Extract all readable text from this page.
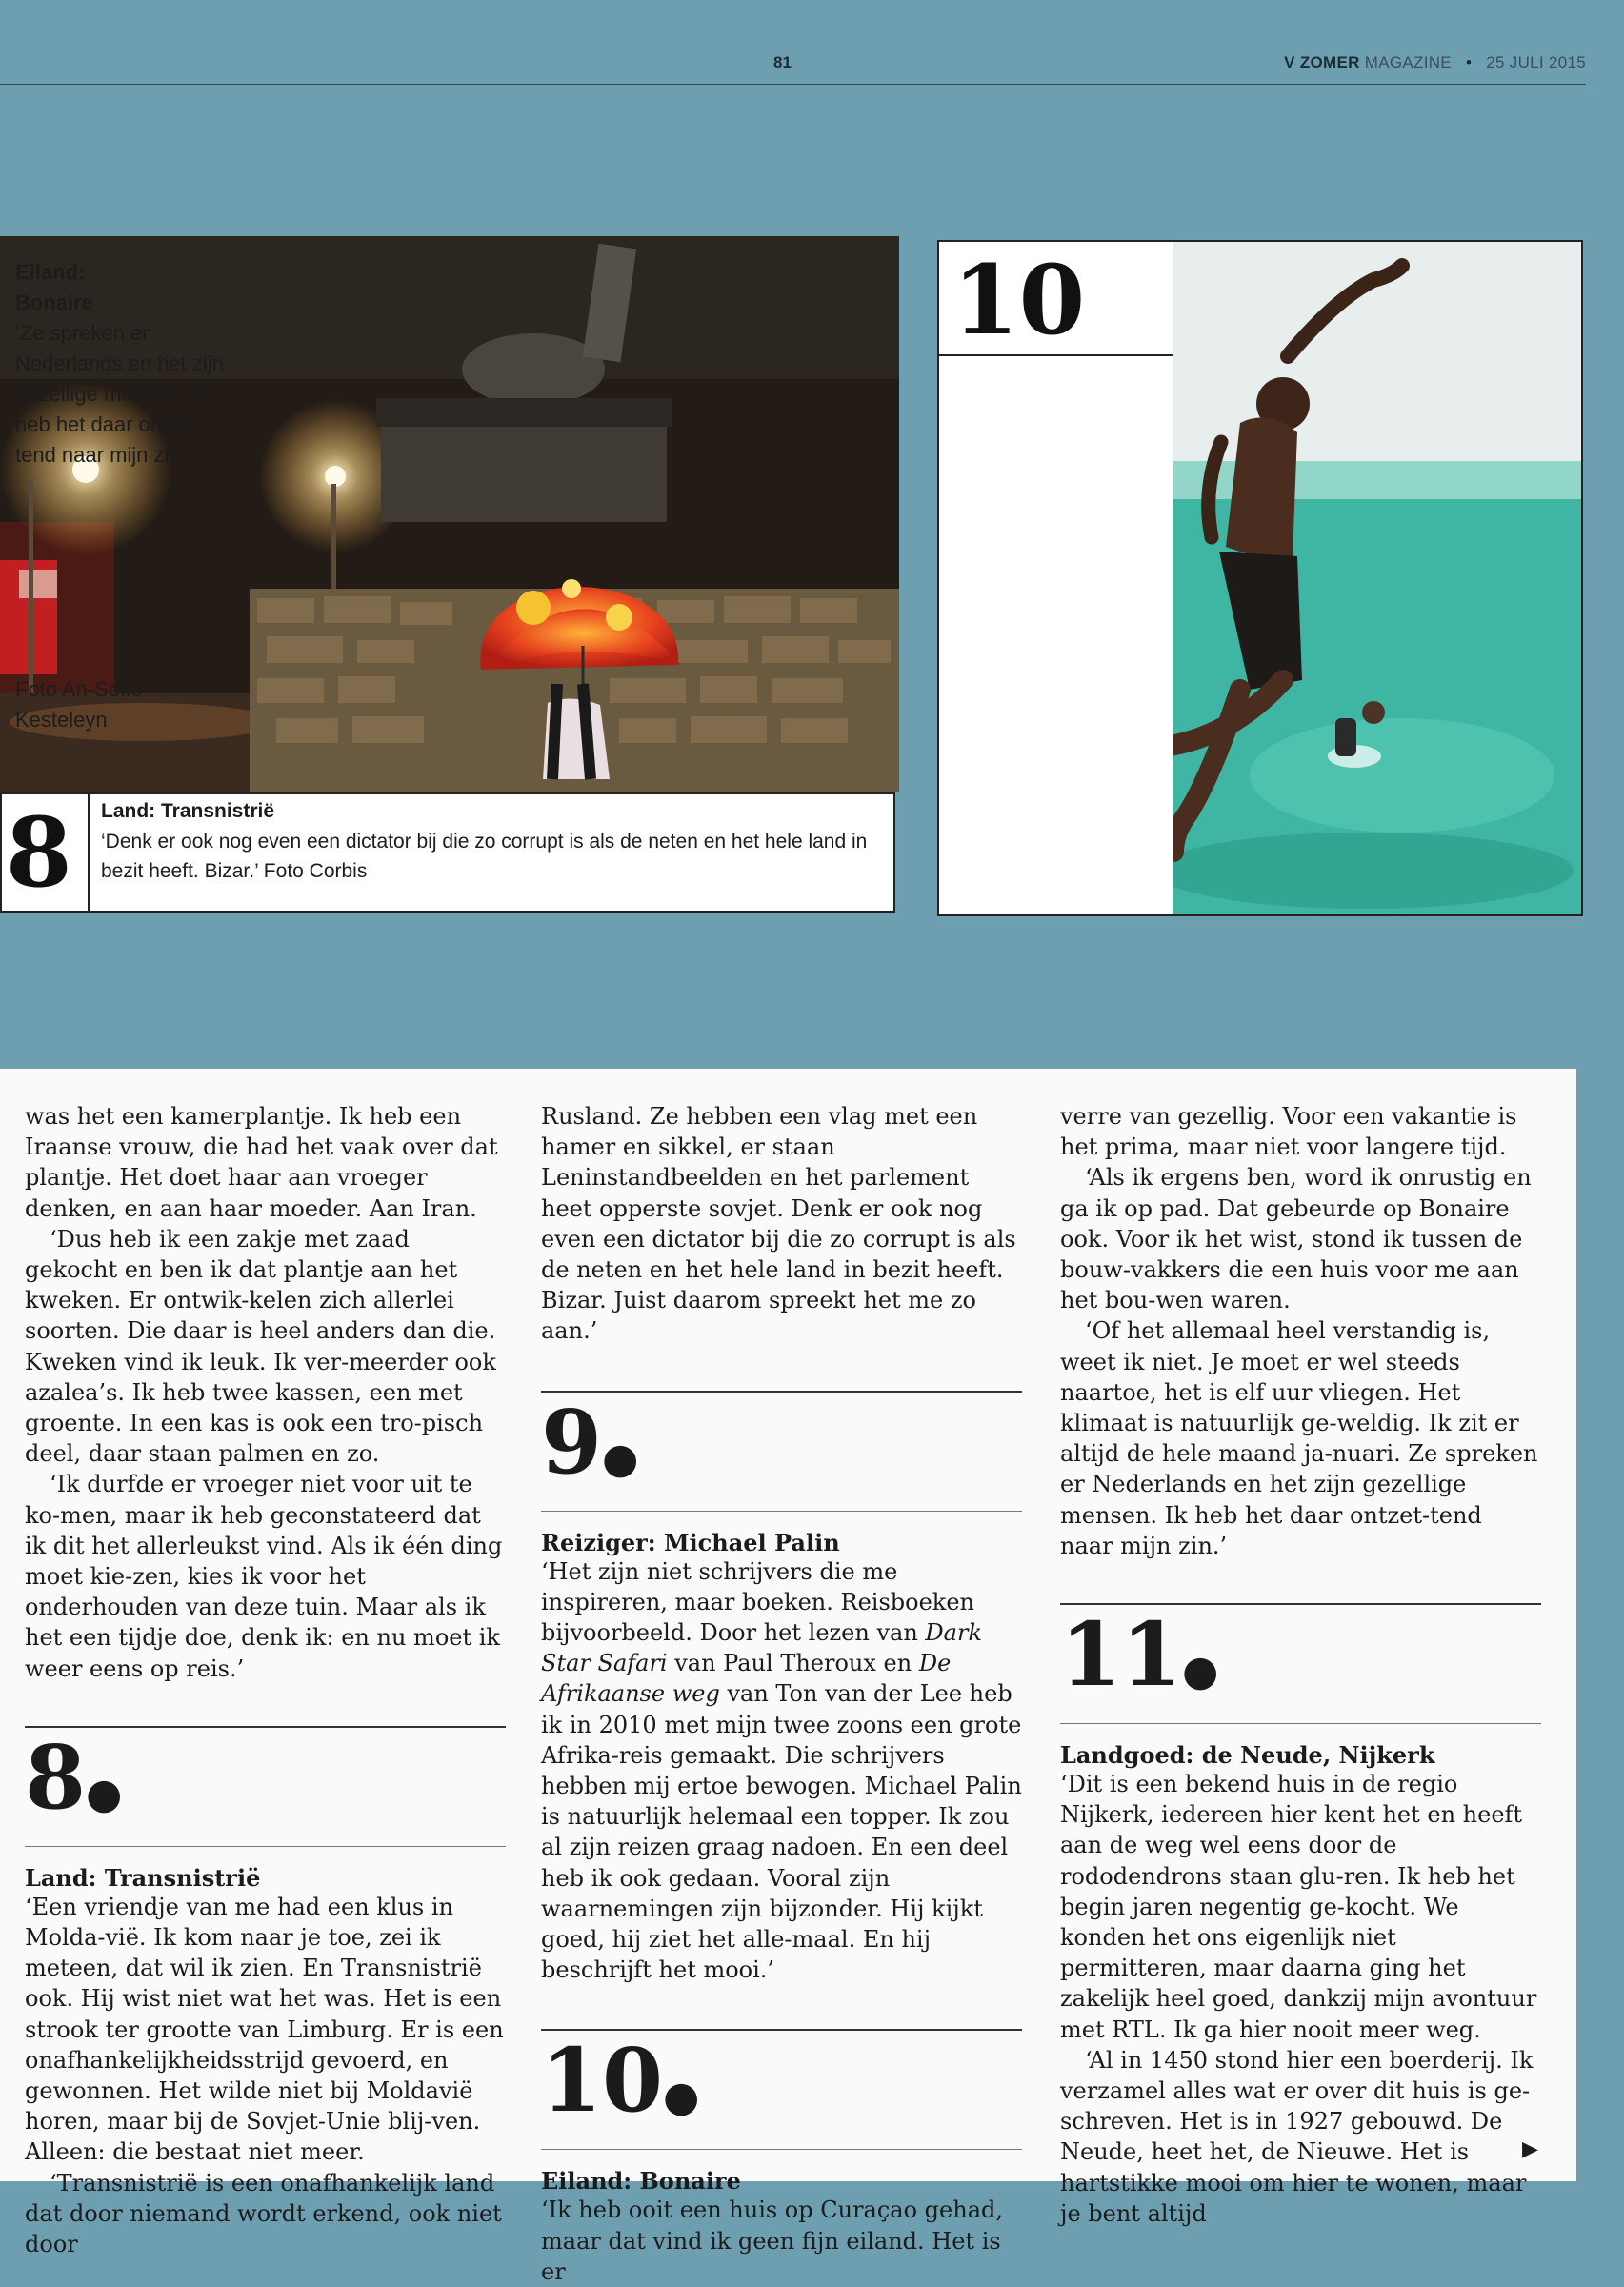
81	V ZOMER MAGAZINE • 25 JULI 2015
8 Land: Transnistrië
‘Denk er ook nog even een dictator bij die zo corrupt is als de neten en het hele land in bezit heeft. Bizar.’ Foto Corbis
10
Eiland:
Bonaire
‘Ze spreken er Nederlands en het zijn gezellige mensen. Ik heb het daar ontzet-tend naar mijn zin.’
Foto An-Sofie Kesteleyn

was het een kamerplantje. Ik heb een Iraanse vrouw, die had het vaak over dat plantje. Het doet haar aan vroeger denken, en aan haar moeder. Aan Iran.

‘Dus heb ik een zakje met zaad gekocht en ben ik dat plantje aan het kweken. Er ontwik-kelen zich allerlei soorten. Die daar is heel anders dan die. Kweken vind ik leuk. Ik ver-meerder ook azalea’s. Ik heb twee kassen, een met groente. In een kas is ook een tro-pisch deel, daar staan palmen en zo.

‘Ik durfde er vroeger niet voor uit te ko-men, maar ik heb geconstateerd dat ik dit het allerleukst vind. Als ik één ding moet kie-zen, kies ik voor het onderhouden van deze tuin. Maar als ik het een tijdje doe, denk ik: en nu moet ik weer eens op reis.’

8●
Land: Transnistrië

‘Een vriendje van me had een klus in Molda-vië. Ik kom naar je toe, zei ik meteen, dat wil ik zien. En Transnistrië ook. Hij wist niet wat het was. Het is een strook ter grootte van Limburg. Er is een onafhankelijkheidsstrijd gevoerd, en gewonnen. Het wilde niet bij Moldavië horen, maar bij de Sovjet-Unie blij-ven. Alleen: die bestaat niet meer.

‘Transnistrië is een onafhankelijk land dat door niemand wordt erkend, ook niet door

Rusland. Ze hebben een vlag met een hamer en sikkel, er staan Leninstandbeelden en het parlement heet opperste sovjet. Denk er ook nog even een dictator bij die zo corrupt is als de neten en het hele land in bezit heeft. Bizar. Juist daarom spreekt het me zo aan.’

9●
Reiziger: Michael Palin

‘Het zijn niet schrijvers die me inspireren, maar boeken. Reisboeken bijvoorbeeld. Door het lezen van Dark Star Safari van Paul Theroux en De Afrikaanse weg van Ton van der Lee heb ik in 2010 met mijn twee zoons een grote Afrika-reis gemaakt. Die schrijvers hebben mij ertoe bewogen. Michael Palin is natuurlijk helemaal een topper. Ik zou al zijn reizen graag nadoen. En een deel heb ik ook gedaan. Vooral zijn waarnemingen zijn bijzonder. Hij kijkt goed, hij ziet het alle-maal. En hij beschrijft het mooi.’

10●
Eiland: Bonaire

‘Ik heb ooit een huis op Curaçao gehad, maar dat vind ik geen fijn eiland. Het is er

verre van gezellig. Voor een vakantie is het prima, maar niet voor langere tijd.

‘Als ik ergens ben, word ik onrustig en ga ik op pad. Dat gebeurde op Bonaire ook. Voor ik het wist, stond ik tussen de bouw-vakkers die een huis voor me aan het bou-wen waren.

‘Of het allemaal heel verstandig is, weet ik niet. Je moet er wel steeds naartoe, het is elf uur vliegen. Het klimaat is natuurlijk ge-weldig. Ik zit er altijd de hele maand ja-nuari. Ze spreken er Nederlands en het zijn gezellige mensen. Ik heb het daar ontzet-tend naar mijn zin.’

11●
Landgoed: de Neude, Nijkerk

‘Dit is een bekend huis in de regio Nijkerk, iedereen hier kent het en heeft aan de weg wel eens door de rododendrons staan glu-ren. Ik heb het begin jaren negentig ge-kocht. We konden het ons eigenlijk niet permitteren, maar daarna ging het zakelijk heel goed, dankzij mijn avontuur met RTL. Ik ga hier nooit meer weg.

‘Al in 1450 stond hier een boerderij. Ik verzamel alles wat er over dit huis is ge-schreven. Het is in 1927 gebouwd. De Neude, heet het, de Nieuwe. Het is hartstikke mooi om hier te wonen, maar je bent altijd

▶
